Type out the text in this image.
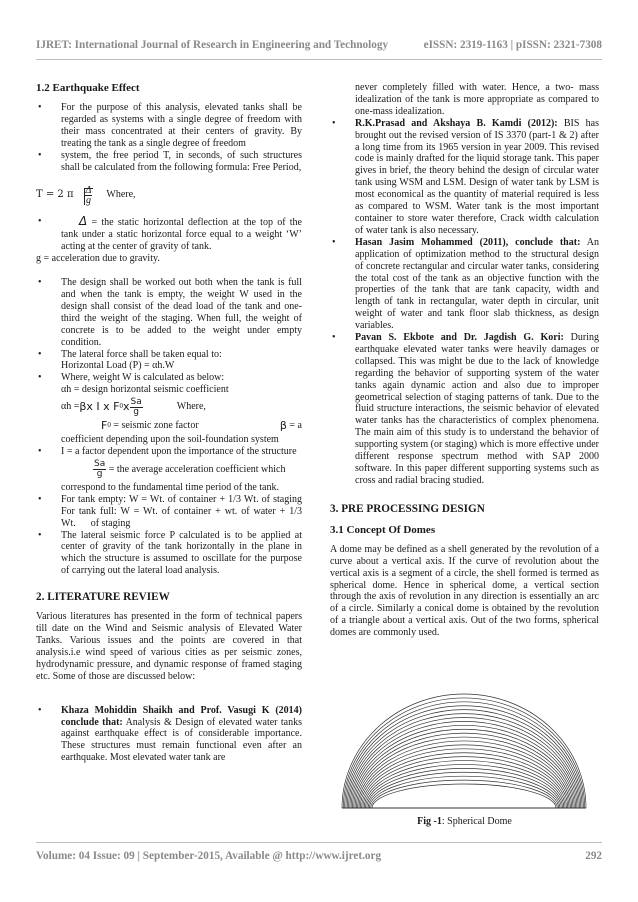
IJRET: International Journal of Research in Engineering and Technology	eISSN: 2319-1163 | pISSN: 2321-7308
1.2 Earthquake Effect
• For the purpose of this analysis, elevated tanks shall be regarded as systems with a single degree of freedom with their mass concentrated at their centers of gravity. By treating the tank as a single degree of freedom
• system, the free period T, in seconds, of such structures shall be calculated from the following formula: Free Period,
T = 2 π $\frac{\Delta}{g}$ Where,
• Δ = the static horizontal deflection at the top of the tank under a static horizontal force equal to a weight ‘W’ acting at the center of gravity of tank.

g = acceleration due to gravity.

• The design shall be worked out both when the tank is full and when the tank is empty, the weight W used in the design shall consist of the dead load of the tank and one-third the weight of the staging. When full, the weight of concrete is to be added to the weight under empty condition.
• The lateral force shall be taken equal to:
Horizontal Load (P) = αh.W
• Where, weight W is calculated as below:
αh = design horizontal seismic coefficient
αh = βx I x F 0 x $\frac{Sa}{g}$	Where,
F 0 = seismic zone factor	β = a
coefficient depending upon the soil-foundation system
• I = a factor dependent upon the importance of the structure
$\frac{Sa}{g}$ = the average acceleration coefficient which
correspond to the fundamental time period of the tank.
• For tank empty: W = Wt. of container + 1/3 Wt. of staging For tank full: W = Wt. of container + wt. of water + 1/3 Wt. of staging
• The lateral seismic force P calculated is to be applied at center of gravity of the tank horizontally in the plane in which the structure is assumed to oscillate for the purpose of carrying out the lateral load analysis.
2. LITERATURE REVIEW

Various literatures has presented in the form of technical papers till date on the Wind and Seismic analysis of Elevated Water Tanks. Various issues and the points are covered in that analysis.i.e wind speed of various cities as per seismic zones, hydrodynamic pressure, and dynamic response of framed staging etc. Some of those are discussed below:

• Khaza Mohiddin Shaikh and Prof. Vasugi K (2014) conclude that: Analysis & Design of elevated water tanks against earthquake effect is of considerable importance. These structures must remain functional even after an earthquake. Most elevated water tank are

never completely filled with water. Hence, a two- mass idealization of the tank is more appropriate as compared to one-mass idealization.

• R.K.Prasad and Akshaya B. Kamdi (2012): BIS has brought out the revised version of IS 3370 (part-1 & 2) after a long time from its 1965 version in year 2009. This revised code is mainly drafted for the liquid storage tank. This paper gives in brief, the theory behind the design of circular water tank using WSM and LSM. Design of water tank by LSM is most economical as the quantity of material required is less as compared to WSM. Water tank is the most important container to store water therefore, Crack width calculation of water tank is also necessary.
• Hasan Jasim Mohammed (2011), conclude that: An application of optimization method to the structural design of concrete rectangular and circular water tanks, considering the total cost of the tank as an objective function with the properties of the tank that are tank capacity, width and length of tank in rectangular, water depth in circular, unit weight of water and tank floor slab thickness, as design variables.
• Pavan S. Ekbote and Dr. Jagdish G. Kori: During earthquake elevated water tanks were heavily damages or collapsed. This was might be due to the lack of knowledge regarding the behavior of supporting system of the water tanks again dynamic action and also due to improper geometrical selection of staging patterns of tank. Due to the fluid structure interactions, the seismic behavior of elevated water tanks has the characteristics of complex phenomena. The main aim of this study is to understand the behavior of supporting system (or staging) which is more effective under different response spectrum method with SAP 2000 software. In this paper different supporting systems such as cross and radial bracing studied.
3. PRE PROCESSING DESIGN
3.1 Concept Of Domes

A dome may be defined as a shell generated by the revolution of a curve about a vertical axis. If the curve of revolution about the vertical axis is a segment of a circle, the shell formed is termed as spherical dome. Hence in spherical dome, a vertical section through the axis of revolution in any direction is essentially an arc of a circle. Similarly a conical dome is obtained by the revolution of a triangle about a vertical axis. Out of the two forms, spherical domes are commonly used.

Fig -1: Spherical Dome
Volume: 04 Issue: 09 | September-2015, Available @ http://www.ijret.org	292
